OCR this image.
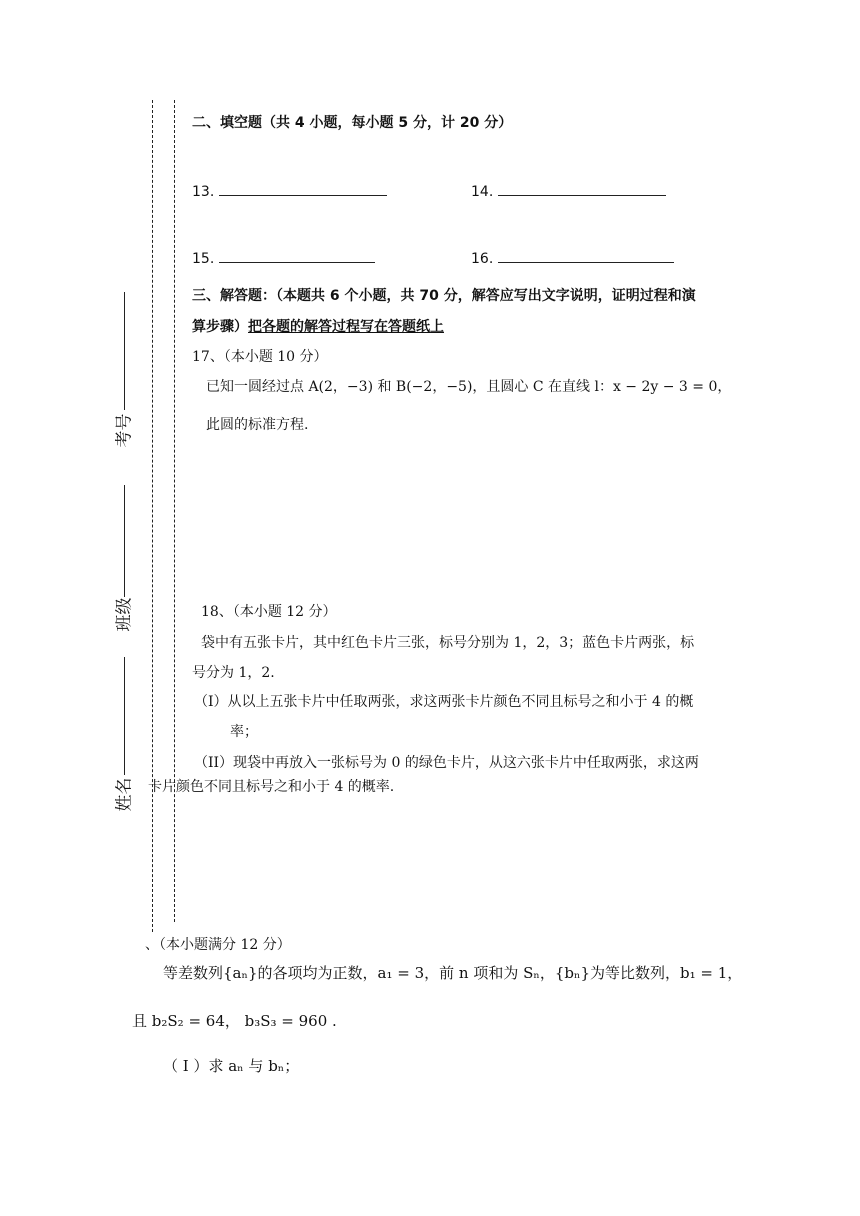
考号
班级
姓名
二、填空题（共 4 小题，每小题 5 分，计 20 分）
13.	14.
15.	16.
三、解答题：（本题共 6 个小题，共 70 分，解答应写出文字说明，证明过程和演
算步骤）把各题的解答过程写在答题纸上
17、（本小题 10 分）
已知一圆经过点 A(2，−3) 和 B(−2，−5)，且圆心 C 在直线 l：x − 2y − 3 = 0，
此圆的标准方程.
18、（本小题 12 分）
袋中有五张卡片，其中红色卡片三张，标号分别为 1，2，3；蓝色卡片两张，标
号分为 1，2.
（I）从以上五张卡片中任取两张，求这两张卡片颜色不同且标号之和小于 4 的概
率；
（II）现袋中再放入一张标号为 0 的绿色卡片，从这六张卡片中任取两张，求这两
卡片颜色不同且标号之和小于 4 的概率.
、（本小题满分 12 分）
等差数列{aₙ}的各项均为正数，a₁ = 3，前 n 项和为 Sₙ，{bₙ}为等比数列，b₁ = 1，
且 b₂S₂ = 64， b₃S₃ = 960 .
（ I ）求 aₙ 与 bₙ；
